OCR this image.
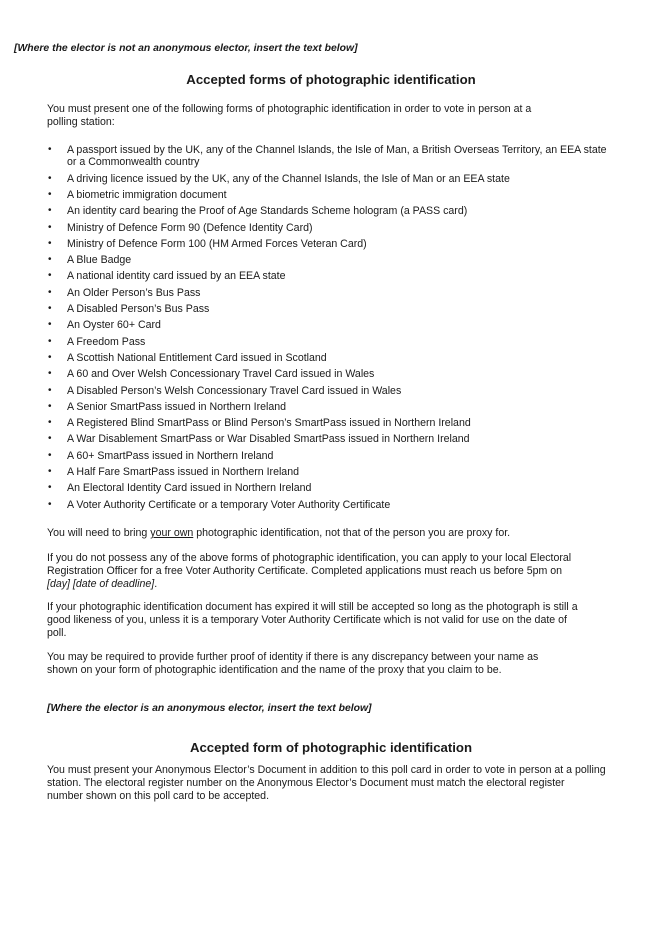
[Where the elector is not an anonymous elector, insert the text below]

Accepted forms of photographic identification

You must present one of the following forms of photographic identification in order to vote in person at a
polling station:

• A passport issued by the UK, any of the Channel Islands, the Isle of Man, a British Overseas Territory, an EEA state
or a Commonwealth country
• A driving licence issued by the UK, any of the Channel Islands, the Isle of Man or an EEA state
• A biometric immigration document
• An identity card bearing the Proof of Age Standards Scheme hologram (a PASS card)
• Ministry of Defence Form 90 (Defence Identity Card)
• Ministry of Defence Form 100 (HM Armed Forces Veteran Card)
• A Blue Badge
• A national identity card issued by an EEA state
• An Older Person’s Bus Pass
• A Disabled Person’s Bus Pass
• An Oyster 60+ Card
• A Freedom Pass
• A Scottish National Entitlement Card issued in Scotland
• A 60 and Over Welsh Concessionary Travel Card issued in Wales
• A Disabled Person’s Welsh Concessionary Travel Card issued in Wales
• A Senior SmartPass issued in Northern Ireland
• A Registered Blind SmartPass or Blind Person’s SmartPass issued in Northern Ireland
• A War Disablement SmartPass or War Disabled SmartPass issued in Northern Ireland
• A 60+ SmartPass issued in Northern Ireland
• A Half Fare SmartPass issued in Northern Ireland
• An Electoral Identity Card issued in Northern Ireland
• A Voter Authority Certificate or a temporary Voter Authority Certificate

You will need to bring your own photographic identification, not that of the person you are proxy for.

If you do not possess any of the above forms of photographic identification, you can apply to your local Electoral
Registration Officer for a free Voter Authority Certificate. Completed applications must reach us before 5pm on
[day] [date of deadline].

If your photographic identification document has expired it will still be accepted so long as the photograph is still a
good likeness of you, unless it is a temporary Voter Authority Certificate which is not valid for use on the date of
poll.

You may be required to provide further proof of identity if there is any discrepancy between your name as
shown on your form of photographic identification and the name of the proxy that you claim to be.

[Where the elector is an anonymous elector, insert the text below]

Accepted form of photographic identification

You must present your Anonymous Elector’s Document in addition to this poll card in order to vote in person at a polling
station. The electoral register number on the Anonymous Elector’s Document must match the electoral register
number shown on this poll card to be accepted.
